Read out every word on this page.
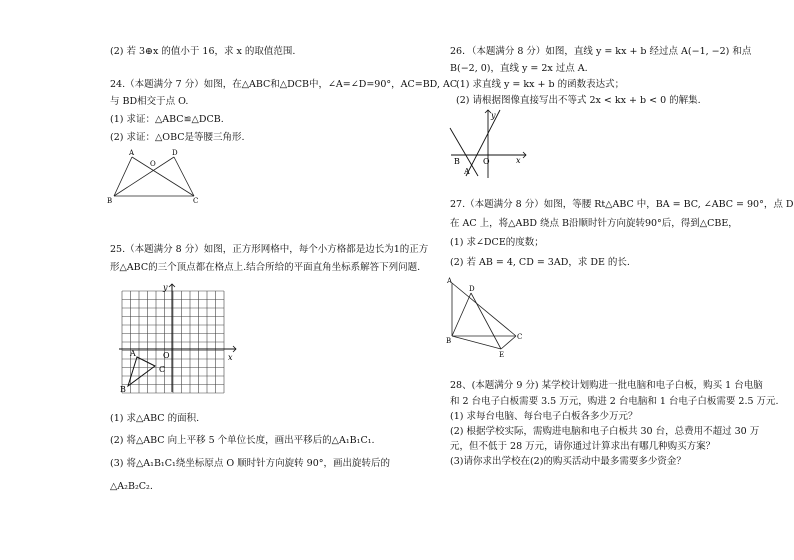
(2) 若 3⊕x 的值小于 16，求 x 的取值范围.
24.（本题满分 7 分）如图，在△ABC和△DCB中，∠A=∠D=90°，AC=BD, AC
与 BD相交于点 O.
(1) 求证：△ABC≌△DCB.
(2) 求证：△OBC是等腰三角形.
A	D
O
B	C
25.（本题满分 8 分）如图，正方形网格中，每个小方格都是边长为1的正方
形△ABC的三个顶点都在格点上.结合所给的平面直角坐标系解答下列问题.
y
x
O
A
B
C
(1) 求△ABC 的面积.
(2) 将△ABC 向上平移 5 个单位长度，画出平移后的△A₁B₁C₁.
(3) 将△A₁B₁C₁绕坐标原点 O 顺时针方向旋转 90°，画出旋转后的
△A₂B₂C₂.
26．（本题满分 8 分）如图，直线 y = kx + b 经过点 A(−1, −2) 和点
B(−2, 0)，直线 y = 2x 过点 A.
(1) 求直线 y = kx + b 的函数表达式；
(2) 请根据图像直接写出不等式 2x < kx + b < 0 的解集.
y
x
B	O
A
27.（本题满分 8 分）如图，等腰 Rt△ABC 中，BA = BC, ∠ABC = 90°，点 D
在 AC 上，将△ABD 绕点 B沿顺时针方向旋转90°后，得到△CBE，
(1) 求∠DCE的度数；
(2) 若 AB = 4, CD = 3AD，求 DE 的长.
A
D
B	C
E
28、(本题满分 9 分) 某学校计划购进一批电脑和电子白板，购买 1 台电脑
和 2 台电子白板需要 3.5 万元，购进 2 台电脑和 1 台电子白板需要 2.5 万元.
(1) 求每台电脑、每台电子白板各多少万元？
(2) 根据学校实际，需购进电脑和电子白板共 30 台，总费用不超过 30 万
元，但不低于 28 万元，请你通过计算求出有哪几种购买方案？
(3)请你求出学校在(2)的购买活动中最多需要多少资金？
